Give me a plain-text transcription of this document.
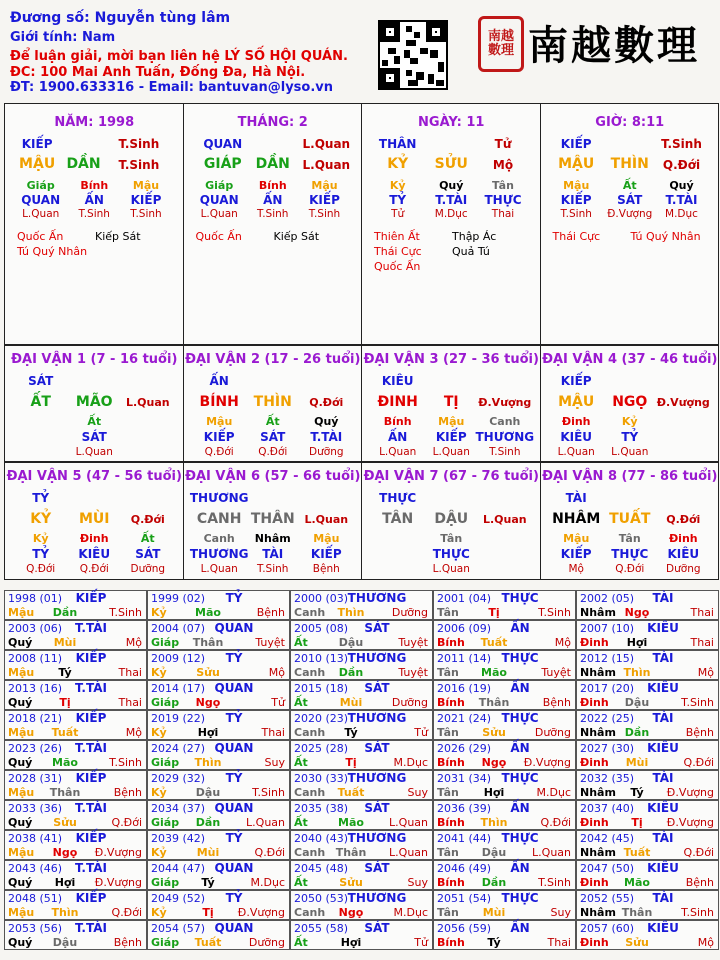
Đương số: Nguyễn tùng lâm
Giới tính: Nam
Để luận giải, mời bạn liên hệ LÝ SỐ HỘI QUÁN.
ĐC: 100 Mai Anh Tuấn, Đống Đa, Hà Nội.
ĐT: 1900.633316 - Email: bantuvan@lyso.vn
南越
數理 南越數理
NĂM: 1998
KIẾP	T.Sinh
MẬU DẦN T.Sinh
Giáp Bính Mậu
QUAN ẤN KIẾP
L.Quan T.Sinh T.Sinh
Quốc Ấn	Kiếp Sát
Tú Quý Nhân
THÁNG: 2
QUAN	L.Quan
GIÁP DẦN L.Quan
Giáp Bính Mậu
QUAN ẤN KIẾP
L.Quan T.Sinh T.Sinh
Quốc Ấn	Kiếp Sát
NGÀY: 11
THÂN	Tử
KỶ SỬU Mộ
Kỷ	Quý	Tân
TỶ T.TÀI THỰC
Tử	M.Dục Thai
Thiên Ất	Thập Ác
Thái Cực	Quả Tú
Quốc Ấn
GIỜ: 8:11
KIẾP	T.Sinh
MẬU THÌN Q.Đới
Mậu	Ất	Quý
KIẾP SÁT T.TÀI
T.Sinh Đ.Vượng M.Dục
Thái Cực	Tú Quý Nhân
ĐẠI VẬN 1 (7 - 16 tuổi)
SÁT
ẤT MÃO L.Quan
Ất
SÁT
L.Quan
ĐẠI VẬN 2 (17 - 26 tuổi)
ẤN
BÍNH THÌN Q.Đới
Mậu	Ất	Quý
KIẾP SÁT T.TÀI
Q.Đới Q.Đới Dưỡng
ĐẠI VẬN 3 (27 - 36 tuổi)
KIÊU
ĐINH TỊ Đ.Vượng
Bính Mậu Canh
ẤN KIẾP THƯƠNG
L.Quan L.Quan T.Sinh
ĐẠI VẬN 4 (37 - 46 tuổi)
KIẾP
MẬU NGỌ Đ.Vượng
Đinh	Kỷ
KIÊU TỶ
L.Quan L.Quan
ĐẠI VẬN 5 (47 - 56 tuổi)
TỶ
KỶ MÙI Q.Đới
Kỷ	Đinh	Ất
TỶ KIÊU SÁT
Q.Đới Q.Đới Dưỡng
ĐẠI VẬN 6 (57 - 66 tuổi)
THƯƠNG
CANH THÂN L.Quan
Canh Nhâm Mậu
THƯƠNG TÀI KIẾP
L.Quan T.Sinh Bệnh
ĐẠI VẬN 7 (67 - 76 tuổi)
THỰC
TÂN DẬU L.Quan
Tân
THỰC
L.Quan
ĐẠI VẬN 8 (77 - 86 tuổi)
TÀI
NHÂM TUẤT Q.Đới
Mậu	Tân	Đinh
KIẾP THỰC KIÊU
Mộ	Q.Đới Dưỡng
1998 (01) KIẾP
Mậu Dần	T.Sinh
1999 (02) TỶ
Kỷ	Mão	Bệnh
2000 (03) THƯƠNG
Canh Thìn Dưỡng
2001 (04) THỰC
Tân	Tị	T.Sinh
2002 (05) TÀI
Nhâm Ngọ	Thai
2003 (06) T.TÀI
Quý Mùi	Mộ
2004 (07) QUAN
Giáp Thân	Tuyệt
2005 (08) SÁT
Ất	Dậu	Tuyệt
2006 (09) ẤN
Bính Tuất	Mộ
2007 (10) KIÊU
Đinh Hợi	Thai
2008 (11) KIẾP
Mậu Tý	Thai
2009 (12) TỶ
Kỷ	Sửu	Mộ
2010 (13) THƯƠNG
Canh Dần	Tuyệt
2011 (14) THỰC
Tân Mão	Tuyệt
2012 (15) TÀI
Nhâm Thìn	Mộ
2013 (16) T.TÀI
Quý Tị	Thai
2014 (17) QUAN
Giáp Ngọ	Tử
2015 (18) SÁT
Ất	Mùi	Dưỡng
2016 (19) ẤN
Bính Thân	Bệnh
2017 (20) KIÊU
Đinh Dậu	T.Sinh
2018 (21) KIẾP
Mậu Tuất	Mộ
2019 (22) TỶ
Kỷ	Hợi	Thai
2020 (23) THƯƠNG
Canh Tý	Tử
2021 (24) THỰC
Tân Sửu	Dưỡng
2022 (25) TÀI
Nhâm Dần	Bệnh
2023 (26) T.TÀI
Quý Mão	T.Sinh
2024 (27) QUAN
Giáp Thìn	Suy
2025 (28) SÁT
Ất	Tị	M.Dục
2026 (29) ẤN
Bính Ngọ Đ.Vượng
2027 (30) KIÊU
Đinh Mùi	Q.Đới
2028 (31) KIẾP
Mậu Thân	Bệnh
2029 (32) TỶ
Kỷ	Dậu	T.Sinh
2030 (33) THƯƠNG
Canh Tuất	Suy
2031 (34) THỰC
Tân Hợi	M.Dục
2032 (35) TÀI
Nhâm Tý Đ.Vượng
2033 (36) T.TÀI
Quý Sửu	Q.Đới
2034 (37) QUAN
Giáp Dần L.Quan
2035 (38) SÁT
Ất	Mão L.Quan
2036 (39) ẤN
Bính Thìn	Q.Đới
2037 (40) KIÊU
Đinh Tị Đ.Vượng
2038 (41) KIẾP
Mậu Ngọ Đ.Vượng
2039 (42) TỶ
Kỷ	Mùi	Q.Đới
2040 (43) THƯƠNG
Canh Thân L.Quan
2041 (44) THỰC
Tân Dậu L.Quan
2042 (45) TÀI
Nhâm Tuất	Q.Đới
2043 (46) T.TÀI
Quý Hợi Đ.Vượng
2044 (47) QUAN
Giáp Tý	M.Dục
2045 (48) SÁT
Ất	Sửu	Suy
2046 (49) ẤN
Bính Dần	T.Sinh
2047 (50) KIÊU
Đinh Mão	Bệnh
2048 (51) KIẾP
Mậu Thìn	Q.Đới
2049 (52) TỶ
Kỷ	Tị Đ.Vượng
2050 (53) THƯƠNG
Canh Ngọ	M.Dục
2051 (54) THỰC
Tân Mùi	Suy
2052 (55) TÀI
Nhâm Thân	T.Sinh
2053 (56) T.TÀI
Quý Dậu	Bệnh
2054 (57) QUAN
Giáp Tuất Dưỡng
2055 (58) SÁT
Ất	Hợi	Tử
2056 (59) ẤN
Bính Tý	Thai
2057 (60) KIÊU
Đinh Sửu	Mộ
